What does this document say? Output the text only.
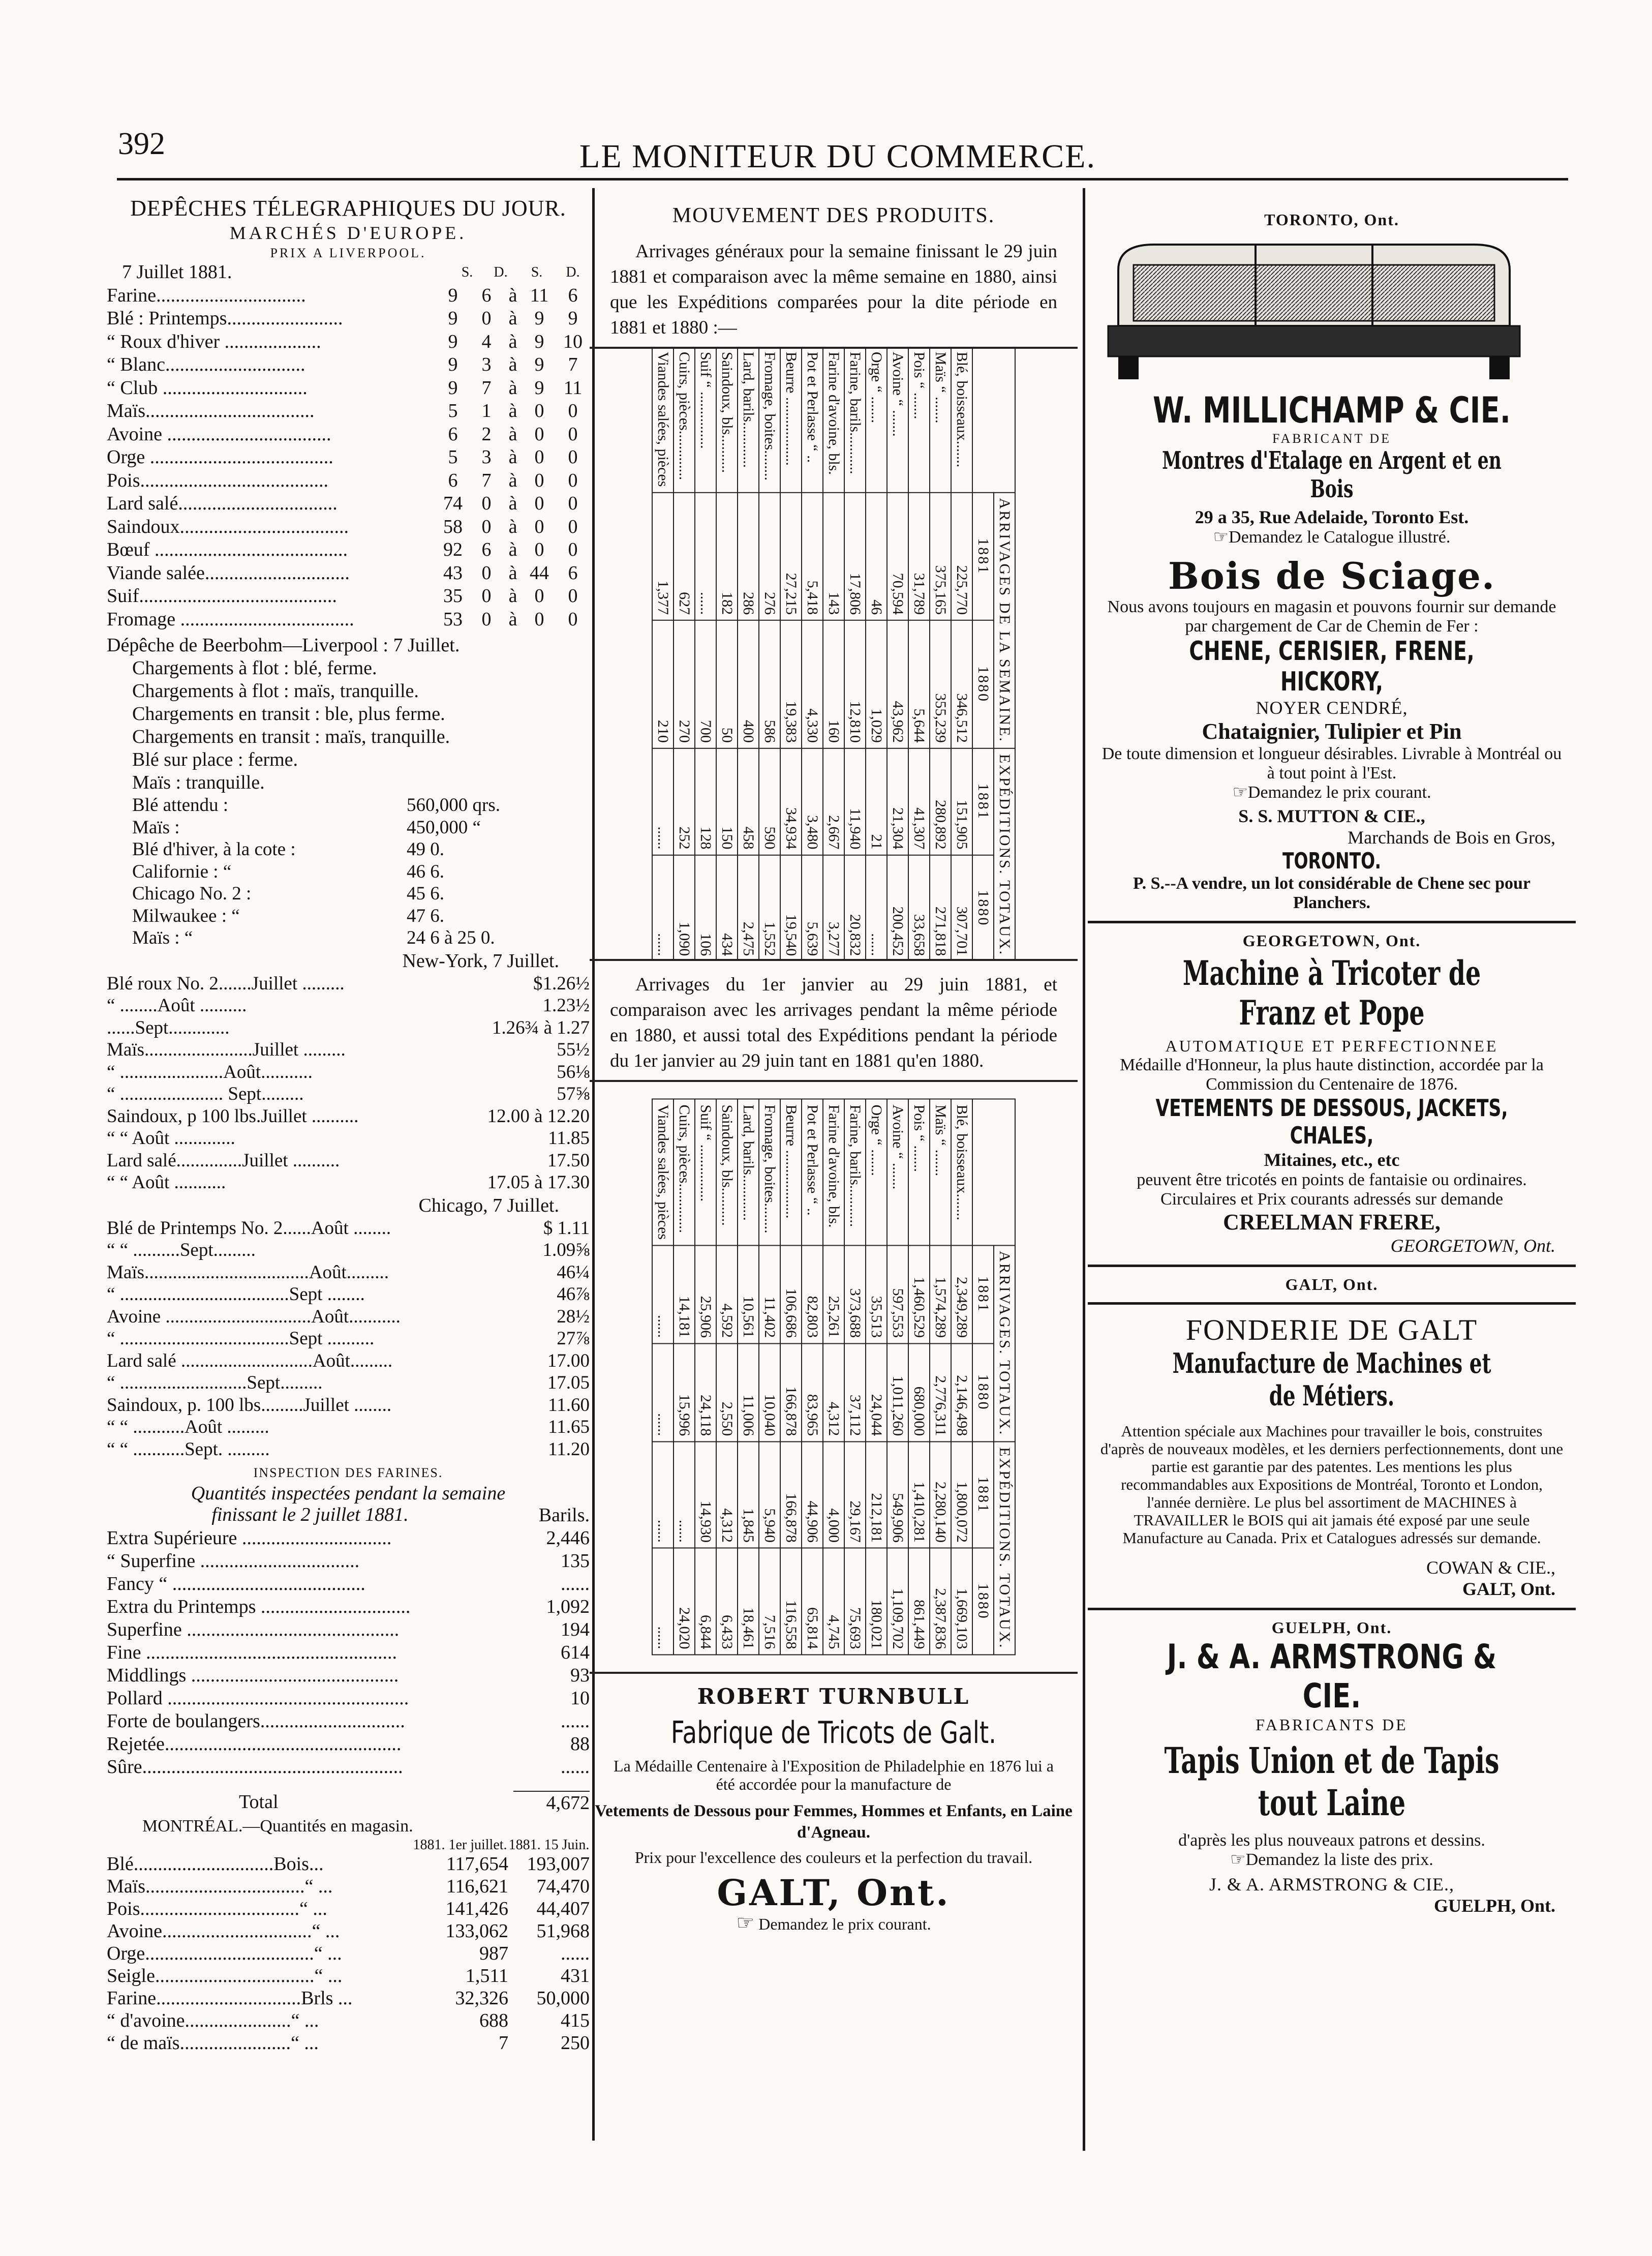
392	LE MONITEUR DU COMMERCE.
DEPÊCHES TÉLEGRAPHIQUES DU JOUR.
MARCHÉS D'EUROPE.
PRIX A LIVERPOOL.
7 Juillet 1881.	S.	D.	S.	D.
Farine...............................	9	6 à 11	6
Blé : Printemps........................	9	0 à 9	9
“ Roux d'hiver ....................	9	4 à 9 10
“ Blanc.............................	9	3 à 9	7
“ Club ..............................	9	7 à 9	11
Maïs...................................	5	1 à 0	0
Avoine ..................................	6	2 à 0	0
Orge ......................................	5	3 à 0	0
Pois.......................................	6	7 à 0	0
Lard salé.................................	74 0 à 0	0
Saindoux...................................	58 0 à 0	0
Bœuf ........................................	92 6 à 0	0
Viande salée..............................	43 0 à 44 6
Suif.........................................	35 0 à 0	0
Fromage ....................................	53 0 à 0	0
Dépêche de Beerbohm—Liverpool : 7 Juillet.
Chargements à flot : blé, ferme.
Chargements à flot : maïs, tranquille.
Chargements en transit : ble, plus ferme.
Chargements en transit : maïs, tranquille.
Blé sur place : ferme.
Maïs : tranquille.
Blé attendu :	560,000 qrs.
Maïs :	450,000 “
Blé d'hiver, à la cote :	49 0.
Californie : “	46 6.
Chicago No. 2 :	45 6.
Milwaukee : “	47 6.
Maïs : “	24 6 à 25 0.
New-York, 7 Juillet.
Blé roux No. 2.......Juillet .........	$1.26½
“ ........Août ..........	1.23½
......Sept.............	1.26¾ à 1.27
Maïs.......................Juillet .........	55½
“ ......................Août...........	56⅛
“ ...................... Sept.........	57⅝
Saindoux, p 100 lbs.Juillet ..........	12.00 à 12.20
“ “ Août .............	11.85
Lard salé..............Juillet ..........	17.50
“ “ Août ...........	17.05 à 17.30
Chicago, 7 Juillet.
Blé de Printemps No. 2......Août ........	$ 1.11
“ “ ..........Sept.........	1.09⅝
Maïs...................................Août.........	46¼
“ ....................................Sept ........	46⅞
Avoine ...............................Août...........	28½
“ ....................................Sept ..........	27⅞
Lard salé ............................Août.........	17.00
“ ...........................Sept.........	17.05
Saindoux, p. 100 lbs.........Juillet ........	11.60
“ “ ...........Août .........	11.65
“ “ ...........Sept. .........	11.20
INSPECTION DES FARINES.
Quantités inspectées pendant la semaine
finissant le 2 juillet 1881.	Barils.
Extra Supérieure ...............................	2,446
“ Superfine .................................	135
Fancy “ ........................................	......
Extra du Printemps ...............................	1,092
Superfine ............................................	194
Fine ....................................................	614
Middlings ...........................................	93
Pollard ..................................................	10
Forte de boulangers..............................	......
Rejetée.................................................	88
Sûre......................................................	......
Total	4,672
MONTRÉAL.—Quantités en magasin.
1881. 1er juillet. 1881. 15 Juin.
Blé.............................Bois...	117,654 193,007
Maïs.................................“ ...	116,621	74,470
Pois.................................“ ...	141,426	44,407
Avoine...............................“ ...	133,062	51,968
Orge...................................“ ...	987	......
Seigle.................................“ ...	1,511	431
Farine..............................Brls ...	32,326	50,000
“ d'avoine......................“ ...	688	415
“ de maïs.......................“ ...	7	250
MOUVEMENT DES PRODUITS.
Arrivages généraux pour la semaine finissant le 29 juin 1881 et comparaison avec la même semaine en 1880, ainsi que les Expéditions comparées pour la dite période en 1881 et 1880 :—
	ARRIVAGES DE LA SEMAINE.		EXPÉDITIONS. TOTAUX.	
	1881	1880	1881	1880
Blé, boisseaux.......	225,770	346,512	151,905	307,701
Maïs “ .......	375,165	355,239	280,892	271,818
Pois “ .......	31,789	5,644	41,307	33,658
Avoine “ .......	70,594	43,962	21,304	200,452
Orge “ .......	46	1,029	21	......
Farine, barils...........	17,806	12,810	11,940	20,832
Farine d'avoine, bls.	143	160	2,667	3,277
Pot et Perlasse “ ..	5,418	4,330	3,480	5,639
Beurre ..................	27,215	19,383	34,934	19,540
Fromage, boites........	276	586	590	1,552
Lard, barils............	286	400	458	2,475
Saindoux, bls..........	182	50	150	434
Suif “ ...............	......	700	128	106
Cuirs, pièces.............	627	270	252	1,090
Viandes salées, pièces	1,377	210	......	......
Arrivages du 1er janvier au 29 juin 1881, et comparaison avec les arrivages pendant la même période en 1880, et aussi total des Expéditions pendant la période du 1er janvier au 29 juin tant en 1881 qu'en 1880.
	ARRIVAGES. TOTAUX.		EXPÉDITIONS. TOTAUX.	
	1881	1880	1881	1880
Blé, boisseaux.......	2,349,289	2,146,498	1,800,072	1,669,103
Maïs “ .......	1,574,289	2,776,311	2,280,140	2,387,836
Pois “ .......	1,460,529	680,000	1,410,281	861,449
Avoine “ .......	597,553	1,011,260	549,906	1,109,702
Orge “ .......	35,513	24,044	212,181	180,021
Farine, barils...........	373,688	37,112	29,167	75,693
Farine d'avoine, bls.	25,261	4,312	4,000	4,745
Pot et Perlasse “ ..	82,803	83,965	44,906	65,814
Beurre ..................	106,686	166,878	166,878	116,558
Fromage, boites........	11,402	10,040	5,940	7,516
Lard, barils............	10,561	11,006	1,845	18,461
Saindoux, bls..........	4,592	2,550	4,312	6,433
Suif “ ...............	25,906	24,118	14,930	6,844
Cuirs, pièces.............	14,181	15,996	......	24,020
Viandes salées, pièces	......	......	......	......
ROBERT TURNBULL
Fabrique de Tricots de Galt.
La Médaille Centenaire à l'Exposition de Philadelphie en 1876 lui a été accordée pour la manufacture de
Vetements de Dessous pour Femmes, Hommes et Enfants, en Laine d'Agneau.
Prix pour l'excellence des couleurs et la perfection du travail.
GALT, Ont.
☞ Demandez le prix courant.
TORONTO, Ont.
W. MILLICHAMP & CIE.
FABRICANT DE
Montres d'Etalage en Argent et en Bois
29 a 35, Rue Adelaide, Toronto Est.
☞Demandez le Catalogue illustré.
Bois de Sciage.
Nous avons toujours en magasin et pouvons fournir sur demande par chargement de Car de Chemin de Fer :
CHENE, CERISIER, FRENE, HICKORY,
NOYER CENDRÉ,
Chataignier, Tulipier et Pin
De toute dimension et longueur désirables. Livrable à Montréal ou à tout point à l'Est.
☞Demandez le prix courant.
S. S. MUTTON & CIE.,
Marchands de Bois en Gros,
TORONTO.
P. S.--A vendre, un lot considérable de Chene sec pour Planchers.
GEORGETOWN, Ont.
Machine à Tricoter de Franz et Pope
AUTOMATIQUE ET PERFECTIONNEE
Médaille d'Honneur, la plus haute distinction, accordée par la Commission du Centenaire de 1876.
VETEMENTS DE DESSOUS, JACKETS, CHALES,
Mitaines, etc., etc
peuvent être tricotés en points de fantaisie ou ordinaires.
Circulaires et Prix courants adressés sur demande
CREELMAN FRERE,
GEORGETOWN, Ont.
GALT, Ont.
FONDERIE DE GALT
Manufacture de Machines et de Métiers.
Attention spéciale aux Machines pour travailler le bois, construites d'après de nouveaux modèles, et les derniers perfectionnements, dont une partie est garantie par des patentes. Les mentions les plus recommandables aux Expositions de Montréal, Toronto et London, l'année dernière. Le plus bel assortiment de MACHINES à TRAVAILLER le BOIS qui ait jamais été exposé par une seule Manufacture au Canada. Prix et Catalogues adressés sur demande.
COWAN & CIE.,
GALT, Ont.
GUELPH, Ont.
J. & A. ARMSTRONG & CIE.
FABRICANTS DE
Tapis Union et de Tapis tout Laine
d'après les plus nouveaux patrons et dessins.
☞Demandez la liste des prix.
J. & A. ARMSTRONG & CIE.,
GUELPH, Ont.
